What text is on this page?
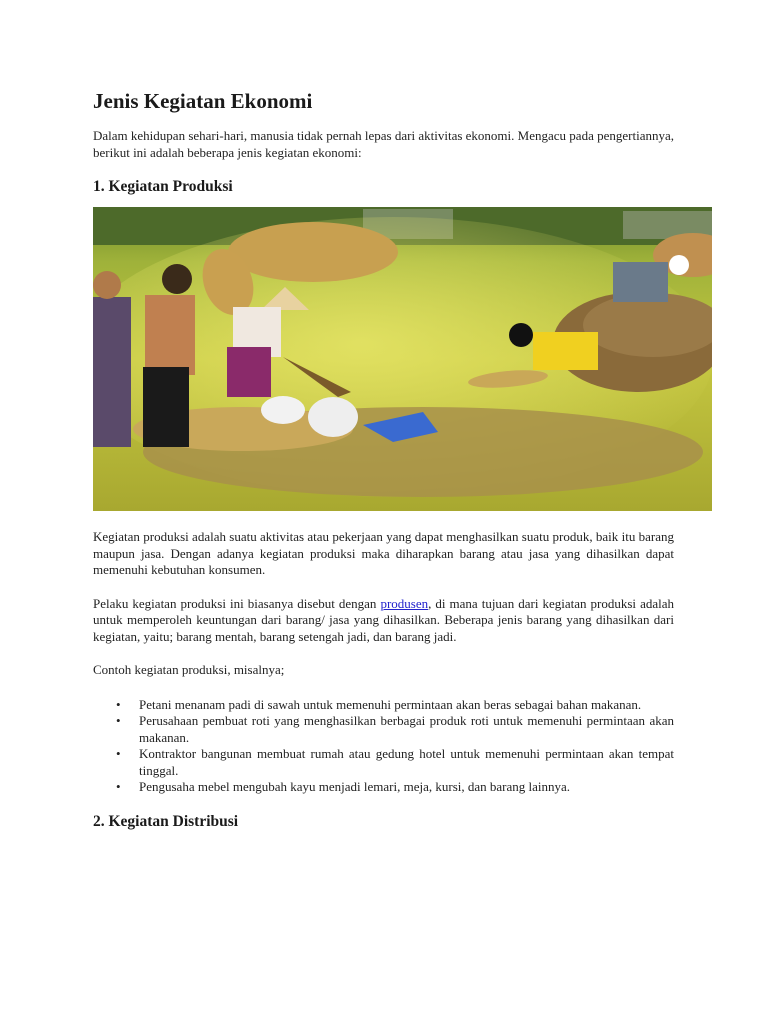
Jenis Kegiatan Ekonomi

Dalam kehidupan sehari-hari, manusia tidak pernah lepas dari aktivitas ekonomi. Mengacu pada pengertiannya, berikut ini adalah beberapa jenis kegiatan ekonomi:

1. Kegiatan Produksi

Kegiatan produksi adalah suatu aktivitas atau pekerjaan yang dapat menghasilkan suatu produk, baik itu barang maupun jasa. Dengan adanya kegiatan produksi maka diharapkan barang atau jasa yang dihasilkan dapat memenuhi kebutuhan konsumen.

Pelaku kegiatan produksi ini biasanya disebut dengan produsen, di mana tujuan dari kegiatan produksi adalah untuk memperoleh keuntungan dari barang/ jasa yang dihasilkan. Beberapa jenis barang yang dihasilkan dari kegiatan, yaitu; barang mentah, barang setengah jadi, dan barang jadi.

Contoh kegiatan produksi, misalnya;

• Petani menanam padi di sawah untuk memenuhi permintaan akan beras sebagai bahan makanan.
• Perusahaan pembuat roti yang menghasilkan berbagai produk roti untuk memenuhi permintaan akan makanan.
• Kontraktor bangunan membuat rumah atau gedung hotel untuk memenuhi permintaan akan tempat tinggal.
• Pengusaha mebel mengubah kayu menjadi lemari, meja, kursi, dan barang lainnya.
2. Kegiatan Distribusi
